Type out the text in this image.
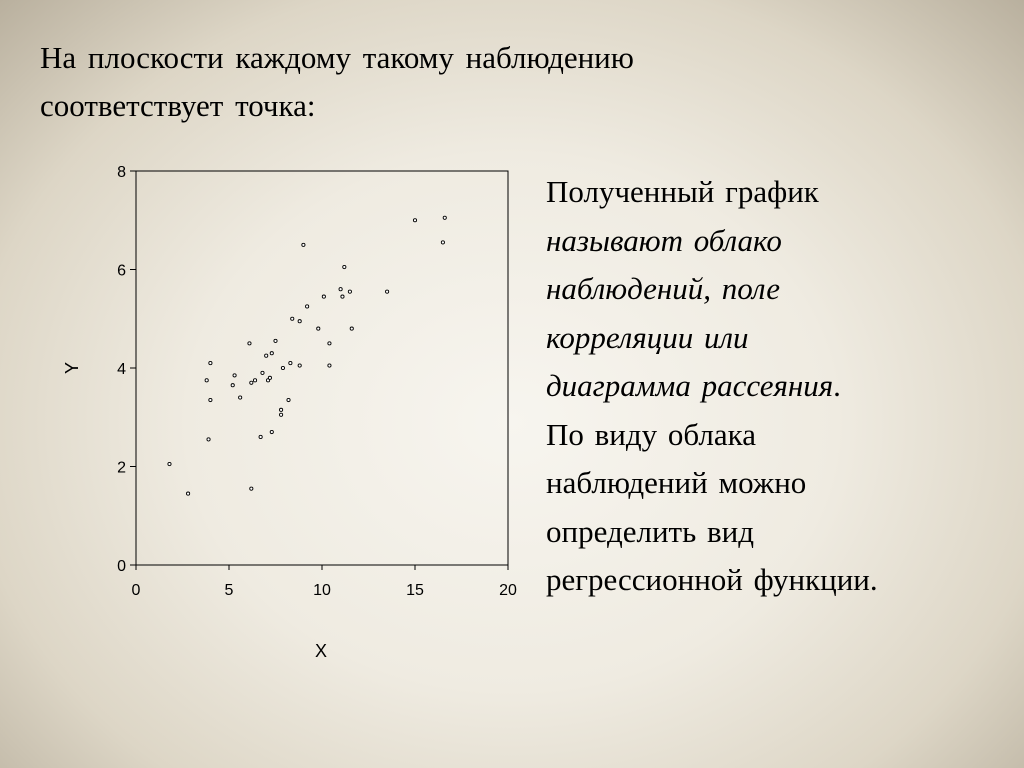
На плоскости каждому такому наблюдению
соответствует точка:

Полученный график
называют облако
наблюдений, поле
корреляции или
диаграмма рассеяния.
По виду облака
наблюдений можно
определить вид
регрессионной функции.
0	5	10	15	20
0
2
4
6
8
X
Y
